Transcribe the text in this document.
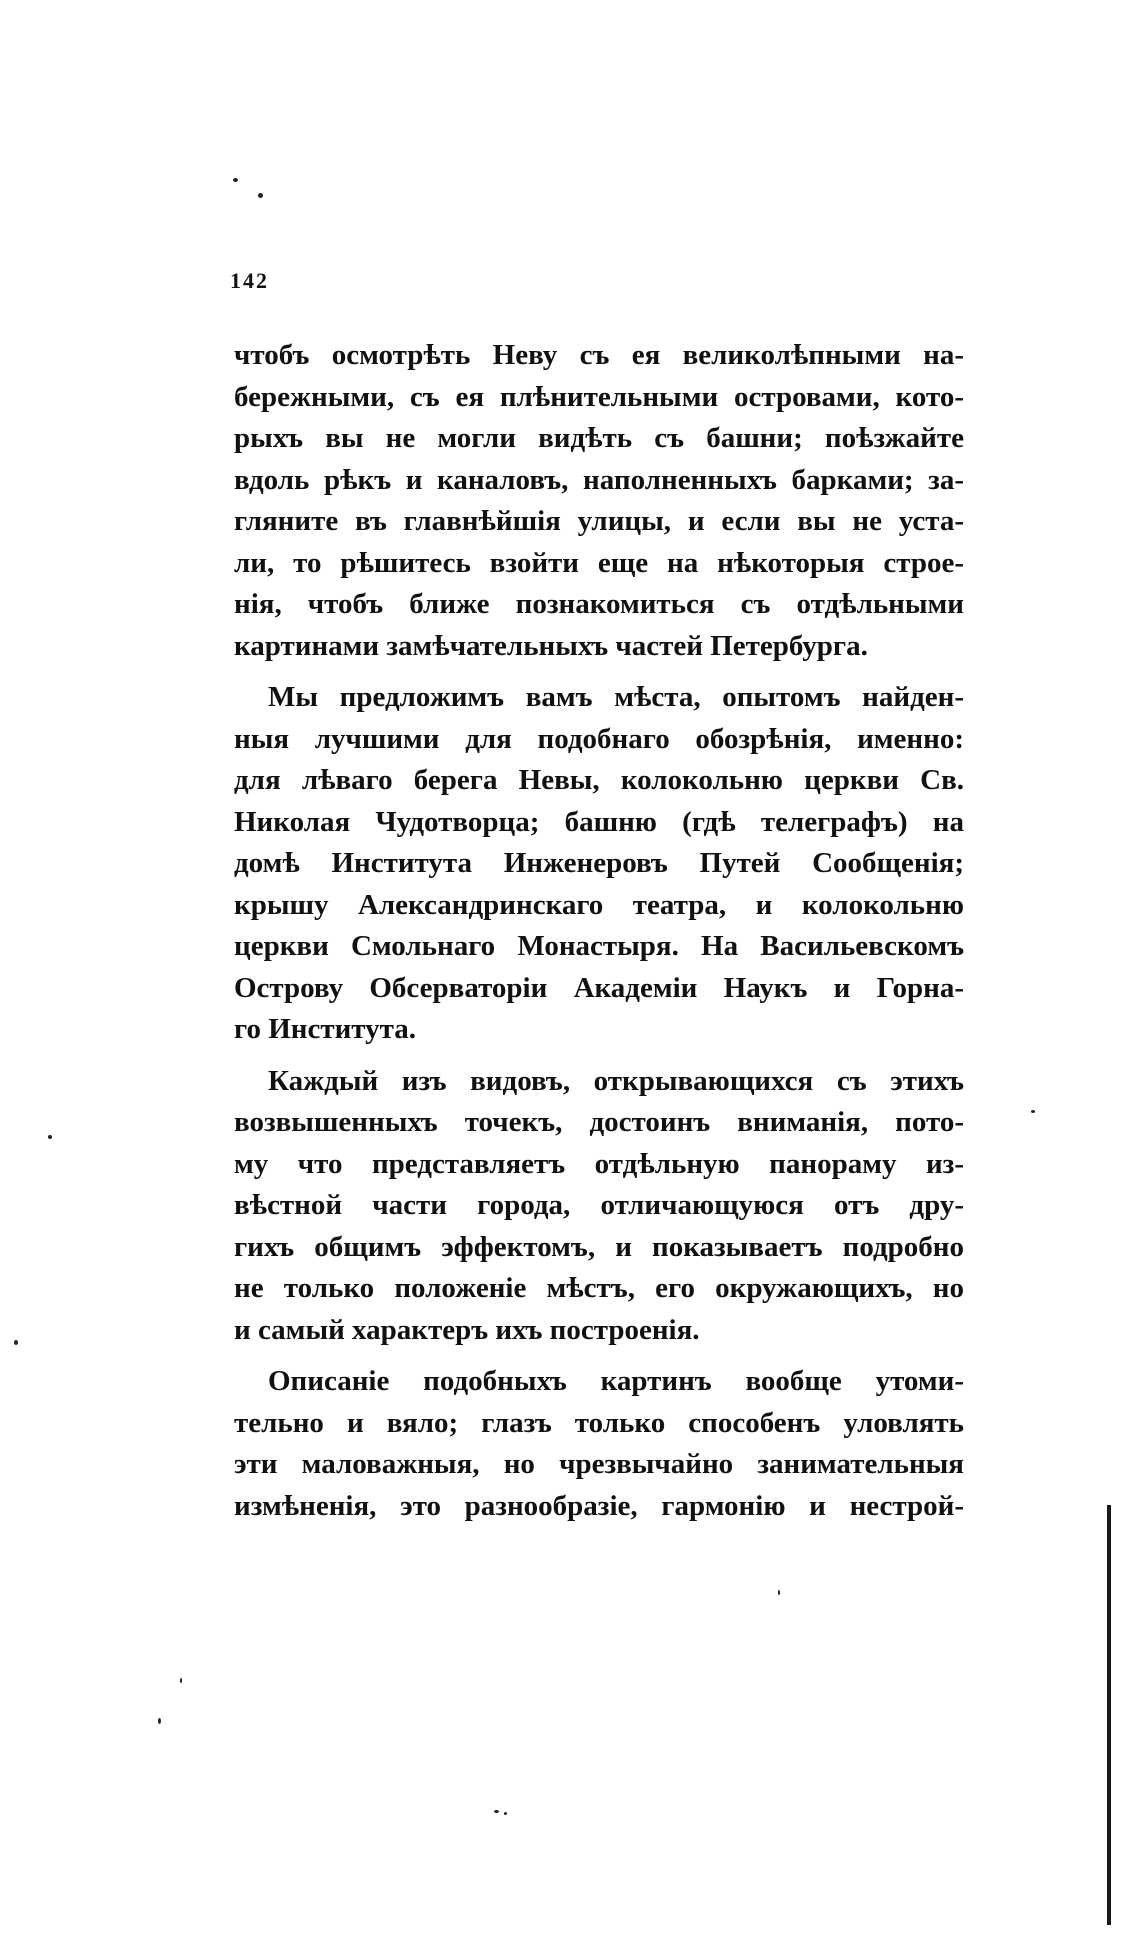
142
чтобъ осмотрѣть Неву съ ея великолѣпными на-
бережными, съ ея плѣнительными островами, кото-
рыхъ вы не могли видѣть съ башни; поѣзжайте
вдоль рѣкъ и каналовъ, наполненныхъ барками; за-
гляните въ главнѣйшія улицы, и если вы не уста-
ли, то рѣшитесь взойти еще на нѣкоторыя строе-
нія, чтобъ ближе познакомиться съ отдѣльными
картинами замѣчательныхъ частей Петербурга.
Мы предложимъ вамъ мѣста, опытомъ найден-
ныя лучшими для подобнаго обозрѣнія, именно:
для лѣваго берега Невы, колокольню церкви Св.
Николая Чудотворца; башню (гдѣ телеграфъ) на
домѣ Института Инженеровъ Путей Сообщенія;
крышу Александринскаго театра, и колокольню
церкви Смольнаго Монастыря. На Васильевскомъ
Острову Обсерваторіи Академіи Наукъ и Горна-
го Института.
Каждый изъ видовъ, открывающихся съ этихъ
возвышенныхъ точекъ, достоинъ вниманія, пото-
му что представляетъ отдѣльную панораму из-
вѣстной части города, отличающуюся отъ дру-
гихъ общимъ эффектомъ, и показываетъ подробно
не только положеніе мѣстъ, его окружающихъ, но
и самый характеръ ихъ построенія.
Описаніе подобныхъ картинъ вообще утоми-
тельно и вяло; глазъ только способенъ уловлять
эти маловажныя, но чрезвычайно занимательныя
измѣненія, это разнообразіе, гармонію и нестрой-
